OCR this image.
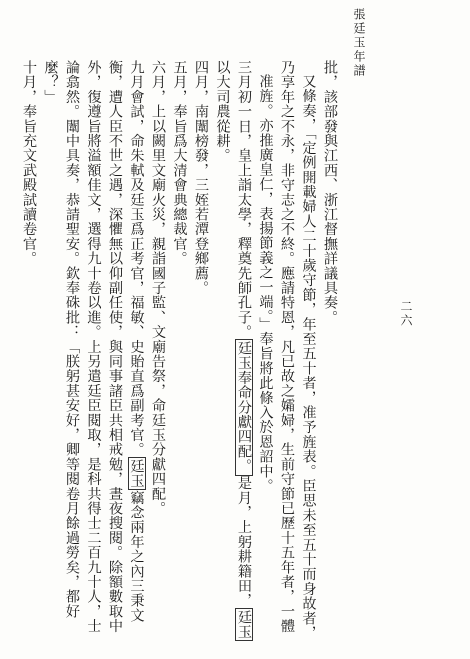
張廷玉年譜
二六
批，該部發與江西、浙江督撫詳議具奏。
又條奏，「定例開載婦人二十歲守節，年至五十者，准予旌表。臣思未至五十而身故者，
乃享年之不永，非守志之不終。應請特恩，凡已故之孀婦，生前守節已歷十五年者，一體
准旌。亦推廣皇仁，表揚節義之一端。」奉旨將此條入於恩詔中。
三月初一日，皇上詣太學，釋奠先師孔子。廷玉奉命分獻四配。是月，上躬耕籍田，廷玉
以大司農從耕。
四月，南闈榜發，三姪若潭登鄉薦。
五月，奉旨爲大清會典總裁官。
六月，上以闕里文廟火災，親詣國子監、文廟告祭，命廷玉分獻四配。
九月會試，命朱軾及廷玉爲正考官，福敏、史貽直爲副考官。廷玉竊念兩年之內三秉文
衡，遭人臣不世之遇，深懼無以仰副任使，與同事諸臣共相戒勉，晝夜搜閱。除額數取中
外，復遵旨將溢額佳文，選得九十卷以進。上另遣廷臣閱取，是科共得士二百九十人，士
論翕然。闈中具奏，恭請聖安。欽奉硃批：「朕躬甚安好，卿等閱卷月餘過勞矣，都好
麼？」
十月，奉旨充文武殿試讀卷官。
